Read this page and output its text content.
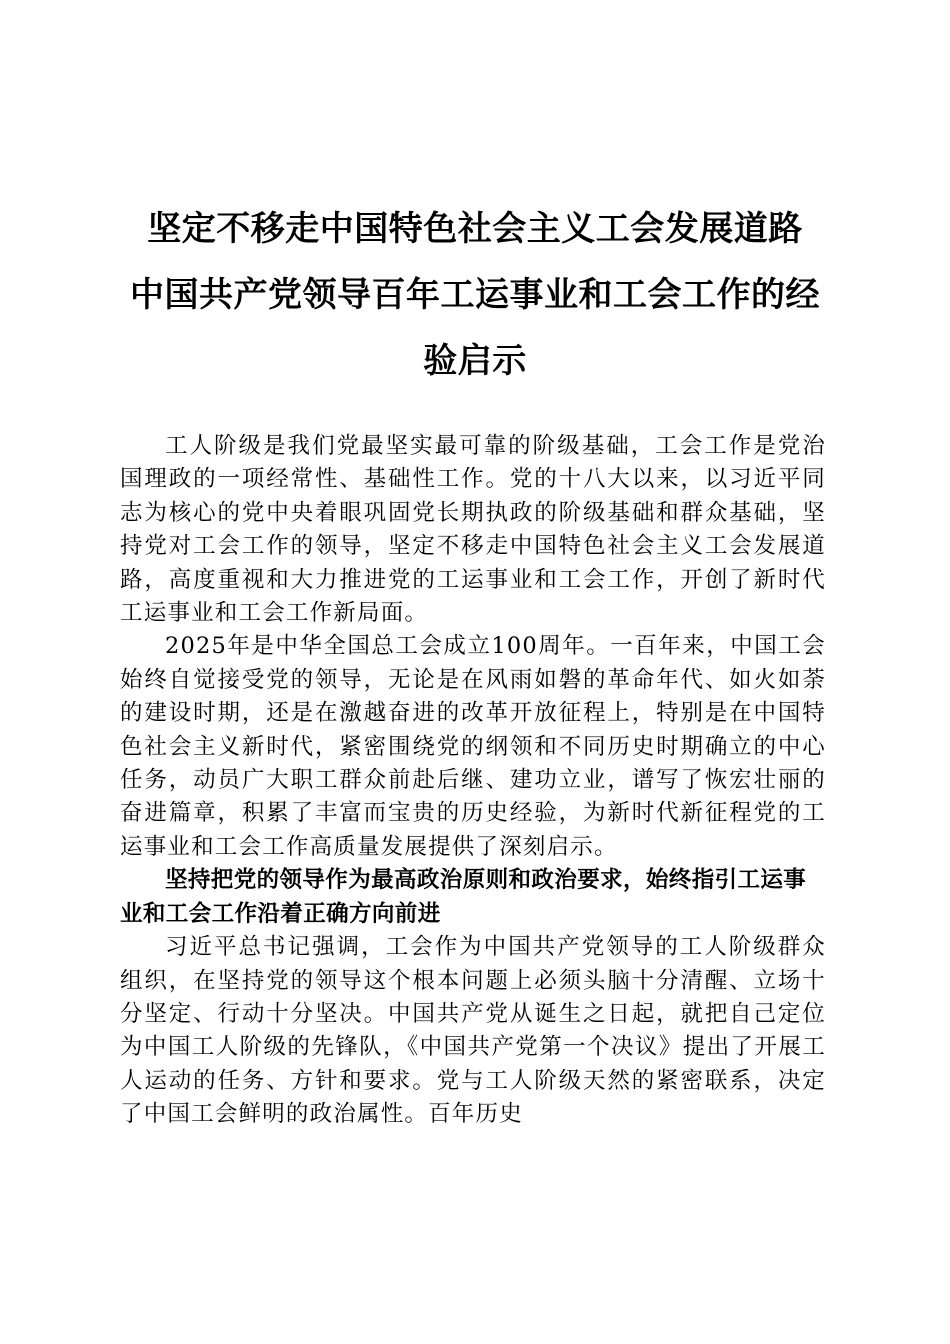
坚定不移走中国特色社会主义工会发展道路
中国共产党领导百年工运事业和工会工作的经
验启示

工人阶级是我们党最坚实最可靠的阶级基础，工会工作是党治国理政的一项经常性、基础性工作。党的十八大以来，以习近平同志为核心的党中央着眼巩固党长期执政的阶级基础和群众基础，坚持党对工会工作的领导，坚定不移走中国特色社会主义工会发展道路，高度重视和大力推进党的工运事业和工会工作，开创了新时代工运事业和工会工作新局面。

2025年是中华全国总工会成立100周年。一百年来，中国工会始终自觉接受党的领导，无论是在风雨如磐的革命年代、如火如荼的建设时期，还是在激越奋进的改革开放征程上，特别是在中国特色社会主义新时代，紧密围绕党的纲领和不同历史时期确立的中心任务，动员广大职工群众前赴后继、建功立业，谱写了恢宏壮丽的奋进篇章，积累了丰富而宝贵的历史经验，为新时代新征程党的工运事业和工会工作高质量发展提供了深刻启示。

坚持把党的领导作为最高政治原则和政治要求，始终指引工运事业和工会工作沿着正确方向前进

习近平总书记强调，工会作为中国共产党领导的工人阶级群众组织，在坚持党的领导这个根本问题上必须头脑十分清醒、立场十分坚定、行动十分坚决。中国共产党从诞生之日起，就把自己定位为中国工人阶级的先锋队，《中国共产党第一个决议》提出了开展工人运动的任务、方针和要求。党与工人阶级天然的紧密联系，决定了中国工会鲜明的政治属性。百年历史
